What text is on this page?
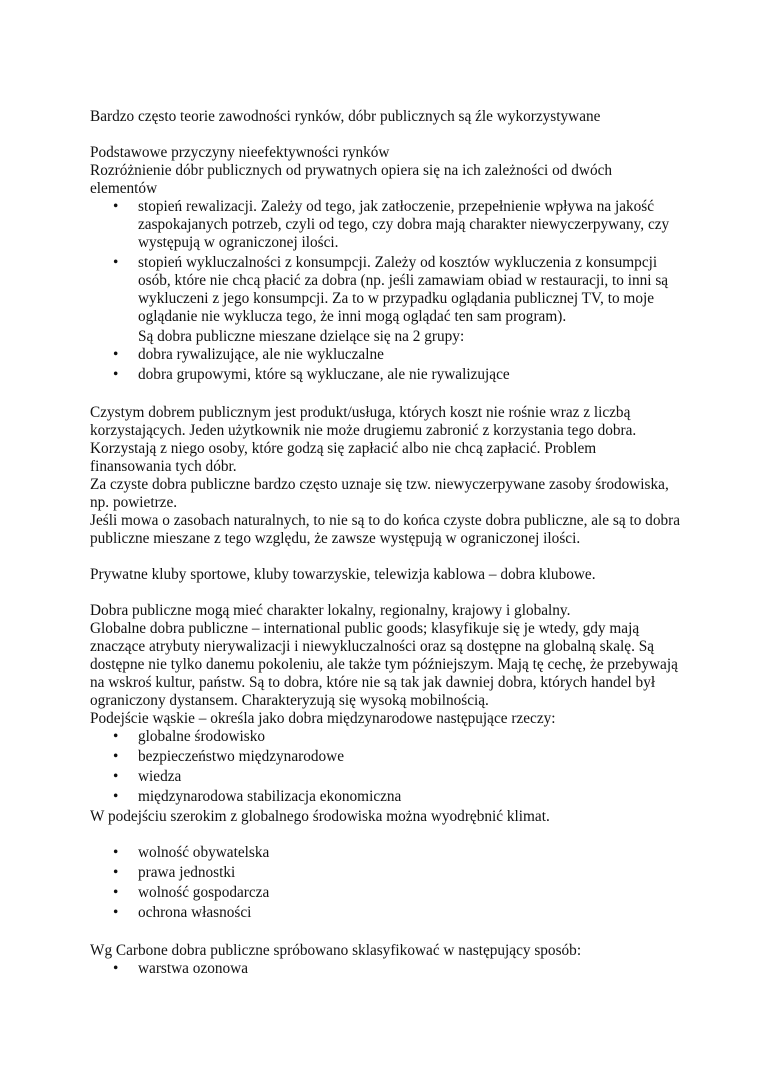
Bardzo często teorie zawodności rynków, dóbr publicznych są źle wykorzystywane

Podstawowe przyczyny nieefektywności rynków

Rozróżnienie dóbr publicznych od prywatnych opiera się na ich zależności od dwóch elementów

• stopień rewalizacji. Zależy od tego, jak zatłoczenie, przepełnienie wpływa na jakość zaspokajanych potrzeb, czyli od tego, czy dobra mają charakter niewyczerpywany, czy występują w ograniczonej ilości.
• stopień wykluczalności z konsumpcji. Zależy od kosztów wykluczenia z konsumpcji osób, które nie chcą płacić za dobra (np. jeśli zamawiam obiad w restauracji, to inni są wykluczeni z jego konsumpcji. Za to w przypadku oglądania publicznej TV, to moje oglądanie nie wyklucza tego, że inni mogą oglądać ten sam program).

Są dobra publiczne mieszane dzielące się na 2 grupy:

• dobra rywalizujące, ale nie wykluczalne
• dobra grupowymi, które są wykluczane, ale nie rywalizujące

Czystym dobrem publicznym jest produkt/usługa, których koszt nie rośnie wraz z liczbą korzystających. Jeden użytkownik nie może drugiemu zabronić z korzystania tego dobra. Korzystają z niego osoby, które godzą się zapłacić albo nie chcą zapłacić. Problem finansowania tych dóbr.

Za czyste dobra publiczne bardzo często uznaje się tzw. niewyczerpywane zasoby środowiska, np. powietrze.

Jeśli mowa o zasobach naturalnych, to nie są to do końca czyste dobra publiczne, ale są to dobra publiczne mieszane z tego względu, że zawsze występują w ograniczonej ilości.

Prywatne kluby sportowe, kluby towarzyskie, telewizja kablowa – dobra klubowe.

Dobra publiczne mogą mieć charakter lokalny, regionalny, krajowy i globalny.

Globalne dobra publiczne – international public goods; klasyfikuje się je wtedy, gdy mają znaczące atrybuty nierywalizacji i niewykluczalności oraz są dostępne na globalną skalę. Są dostępne nie tylko danemu pokoleniu, ale także tym późniejszym. Mają tę cechę, że przebywają na wskroś kultur, państw. Są to dobra, które nie są tak jak dawniej dobra, których handel był ograniczony dystansem. Charakteryzują się wysoką mobilnością.

Podejście wąskie – określa jako dobra międzynarodowe następujące rzeczy:

• globalne środowisko
• bezpieczeństwo międzynarodowe
• wiedza
• międzynarodowa stabilizacja ekonomiczna

W podejściu szerokim z globalnego środowiska można wyodrębnić klimat.

• wolność obywatelska
• prawa jednostki
• wolność gospodarcza
• ochrona własności

Wg Carbone dobra publiczne spróbowano sklasyfikować w następujący sposób:

• warstwa ozonowa
